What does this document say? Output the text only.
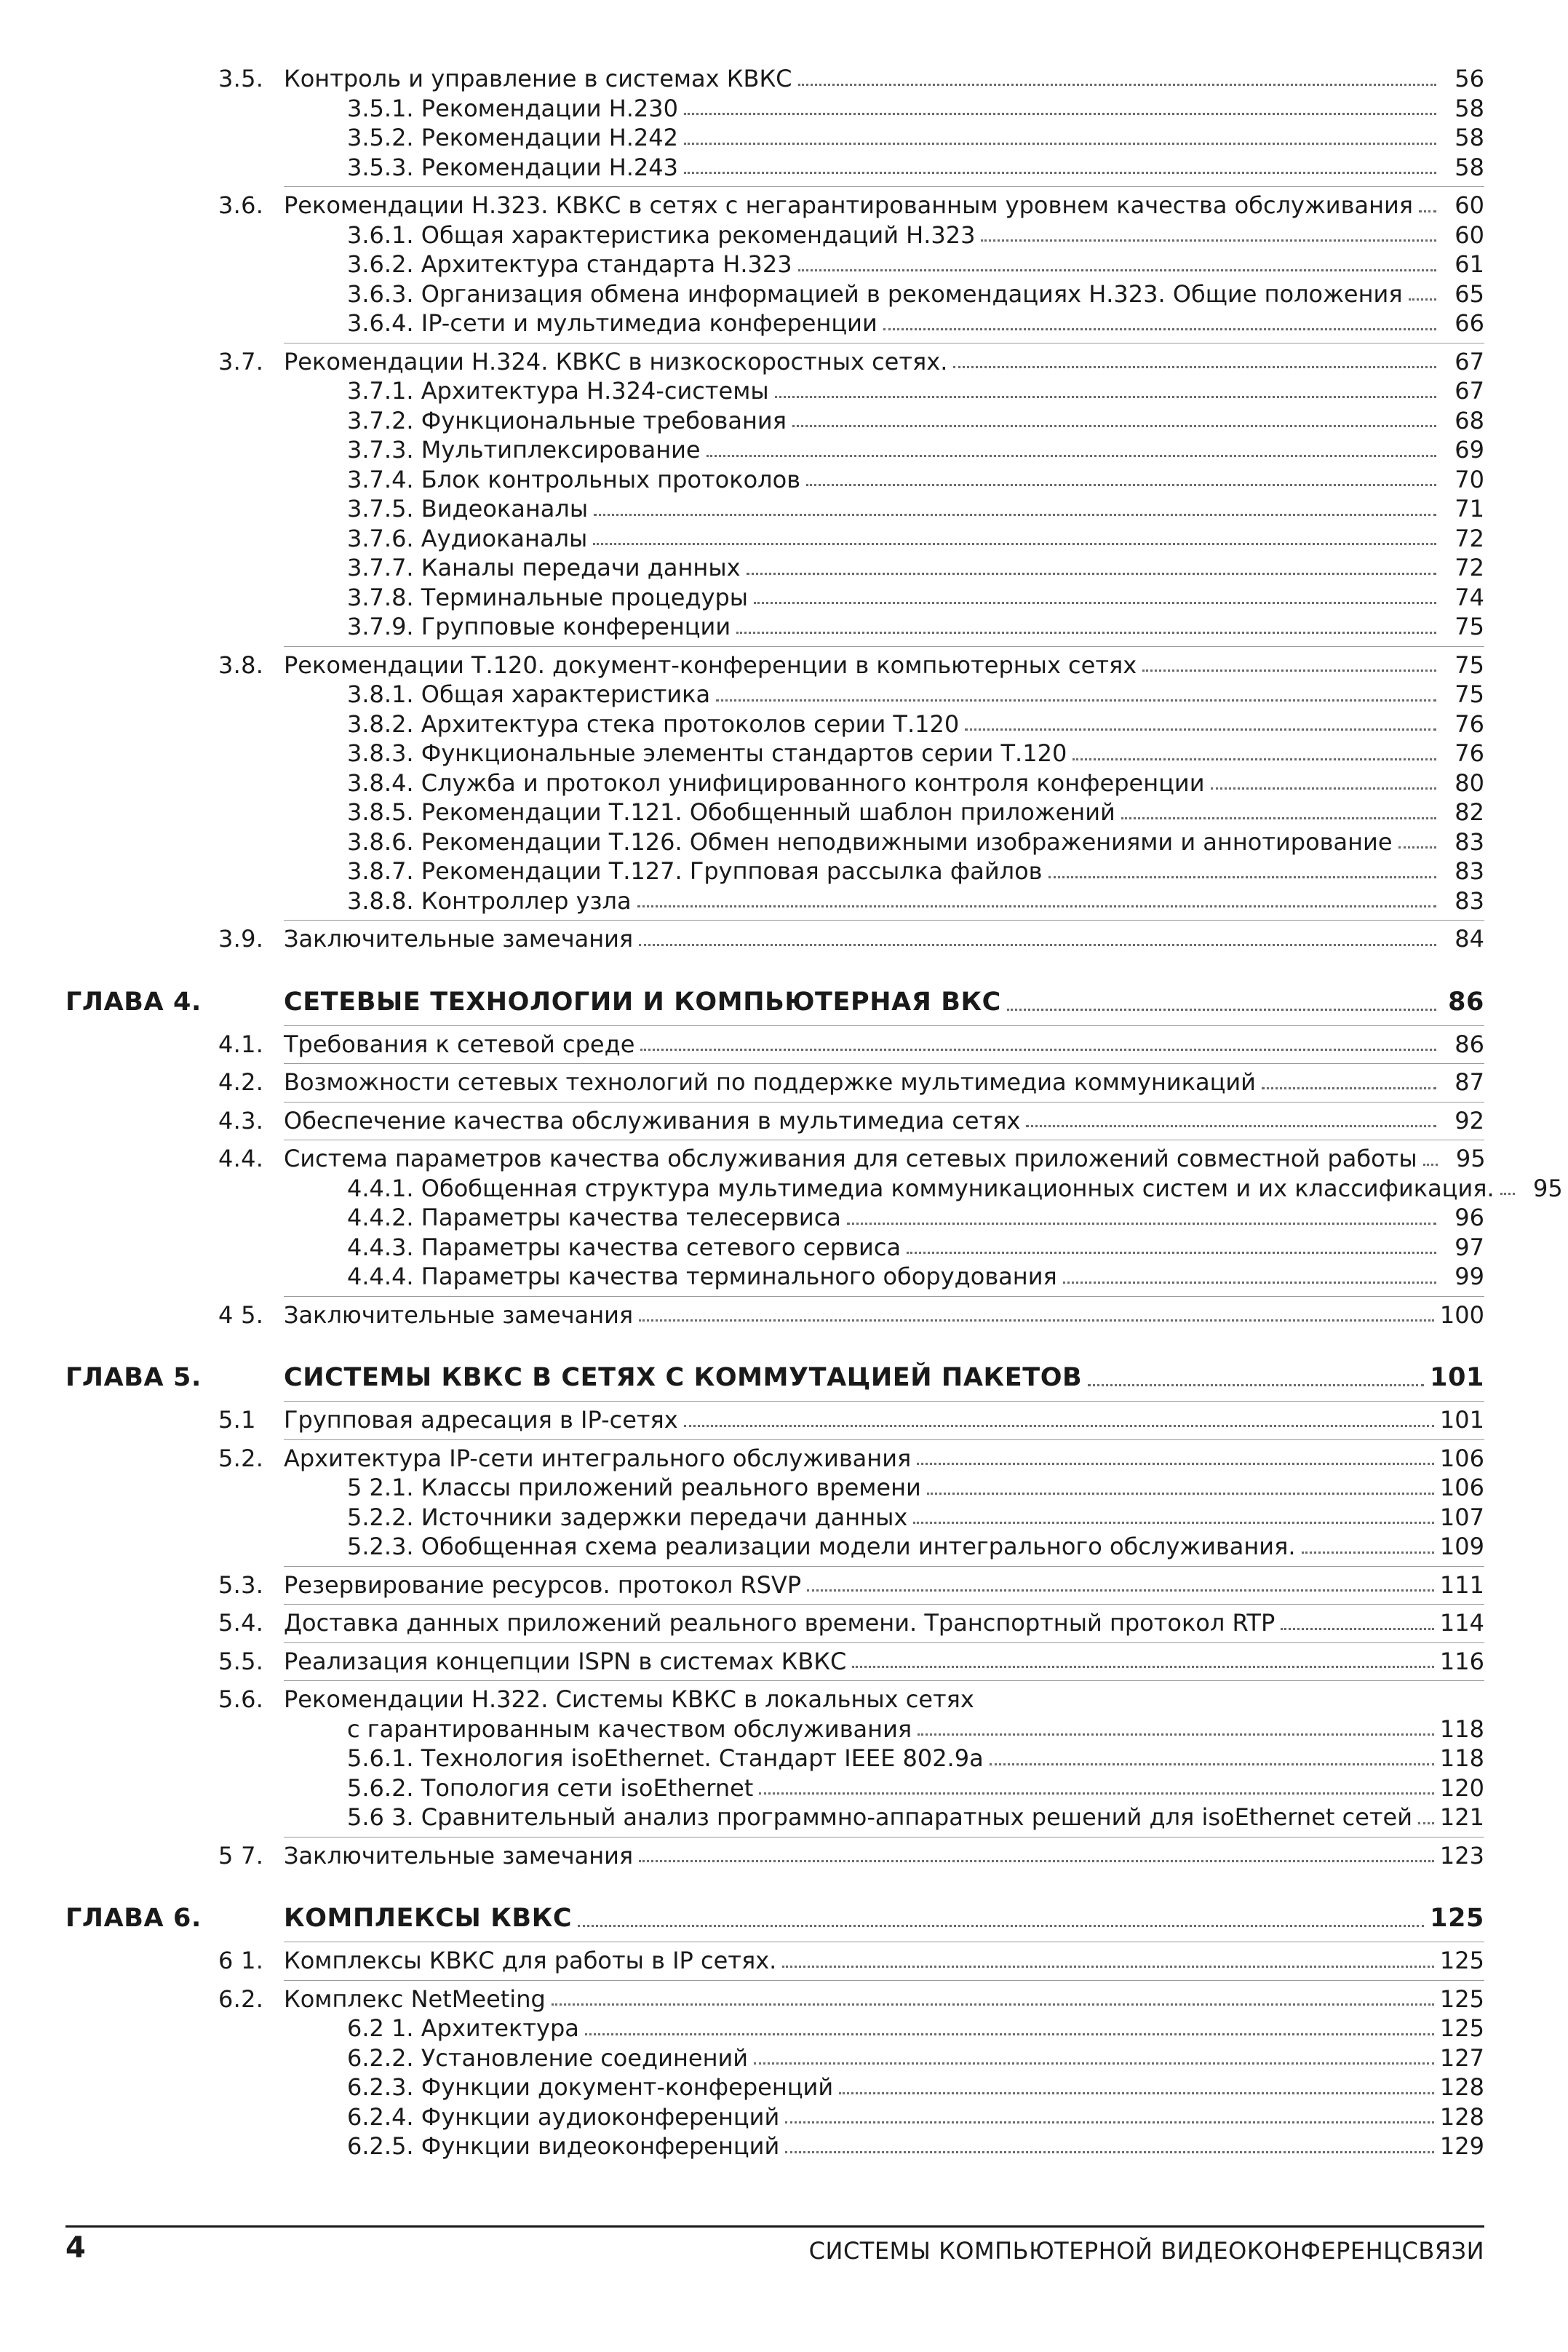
3.5. Контроль и управление в системах КВКС	56
3.5.1. Рекомендации Н.230	58
3.5.2. Рекомендации Н.242	58
3.5.3. Рекомендации Н.243	58
3.6. Рекомендации Н.323. КВКС в сетях с негарантированным уровнем качества обслуживания	60
3.6.1. Общая характеристика рекомендаций Н.323	60
3.6.2. Архитектура стандарта Н.323	61
3.6.3. Организация обмена информацией в рекомендациях Н.323. Общие положения	65
3.6.4. IP-сети и мультимедиа конференции	66
3.7. Рекомендации Н.324. КВКС в низкоскоростных сетях.	67
3.7.1. Архитектура Н.324-системы	67
3.7.2. Функциональные требования	68
3.7.3. Мультиплексирование	69
3.7.4. Блок контрольных протоколов	70
3.7.5. Видеоканалы	71
3.7.6. Аудиоканалы	72
3.7.7. Каналы передачи данных	72
3.7.8. Терминальные процедуры	74
3.7.9. Групповые конференции	75
3.8. Рекомендации Т.120. документ-конференции в компьютерных сетях	75
3.8.1. Общая характеристика	75
3.8.2. Архитектура стека протоколов серии Т.120	76
3.8.3. Функциональные элементы стандартов серии Т.120	76
3.8.4. Служба и протокол унифицированного контроля конференции	80
3.8.5. Рекомендации Т.121. Обобщенный шаблон приложений	82
3.8.6. Рекомендации Т.126. Обмен неподвижными изображениями и аннотирование	83
3.8.7. Рекомендации Т.127. Групповая рассылка файлов	83
3.8.8. Контроллер узла	83
3.9. Заключительные замечания	84
ГЛАВА 4.	СЕТЕВЫЕ ТЕХНОЛОГИИ И КОМПЬЮТЕРНАЯ ВКС	86
4.1. Требования к сетевой среде	86
4.2. Возможности сетевых технологий по поддержке мультимедиа коммуникаций	87
4.3. Обеспечение качества обслуживания в мультимедиа сетях	92
4.4. Система параметров качества обслуживания для сетевых приложений совместной работы	95
4.4.1. Обобщенная структура мультимедиа коммуникационных систем и их классификация.	95
4.4.2. Параметры качества телесервиса	96
4.4.3. Параметры качества сетевого сервиса	97
4.4.4. Параметры качества терминального оборудования	99
4 5. Заключительные замечания	100
ГЛАВА 5.	СИСТЕМЫ КВКС В СЕТЯХ С КОММУТАЦИЕЙ ПАКЕТОВ	101
5.1 Групповая адресация в IP-сетях	101
5.2. Архитектура IP-сети интегрального обслуживания	106
5 2.1. Классы приложений реального времени	106
5.2.2. Источники задержки передачи данных	107
5.2.3. Обобщенная схема реализации модели интегрального обслуживания.	109
5.3. Резервирование ресурсов. протокол RSVP	111
5.4. Доставка данных приложений реального времени. Транспортный протокол RTP	114
5.5. Реализация концепции ISPN в системах КВКС	116
5.6. Рекомендации Н.322. Системы КВКС в локальных сетях
с гарантированным качеством обслуживания	118
5.6.1. Технология isoEthernet. Стандарт IEEE 802.9а	118
5.6.2. Топология сети isoEthernet	120
5.6 3. Сравнительный анализ программно-аппаратных решений для isoEthernet сетей 121
5 7. Заключительные замечания	123
ГЛАВА 6.	КОМПЛЕКСЫ КВКС	125
6 1. Комплексы КВКС для работы в IP сетях.	125
6.2. Комплекс NetMeeting	125
6.2 1. Архитектура	125
6.2.2. Установление соединений	127
6.2.3. Функции документ-конференций	128
6.2.4. Функции аудиоконференций	128
6.2.5. Функции видеоконференций	129
4	СИСТЕМЫ КОМПЬЮТЕРНОЙ ВИДЕОКОНФЕРЕНЦСВЯЗИ
